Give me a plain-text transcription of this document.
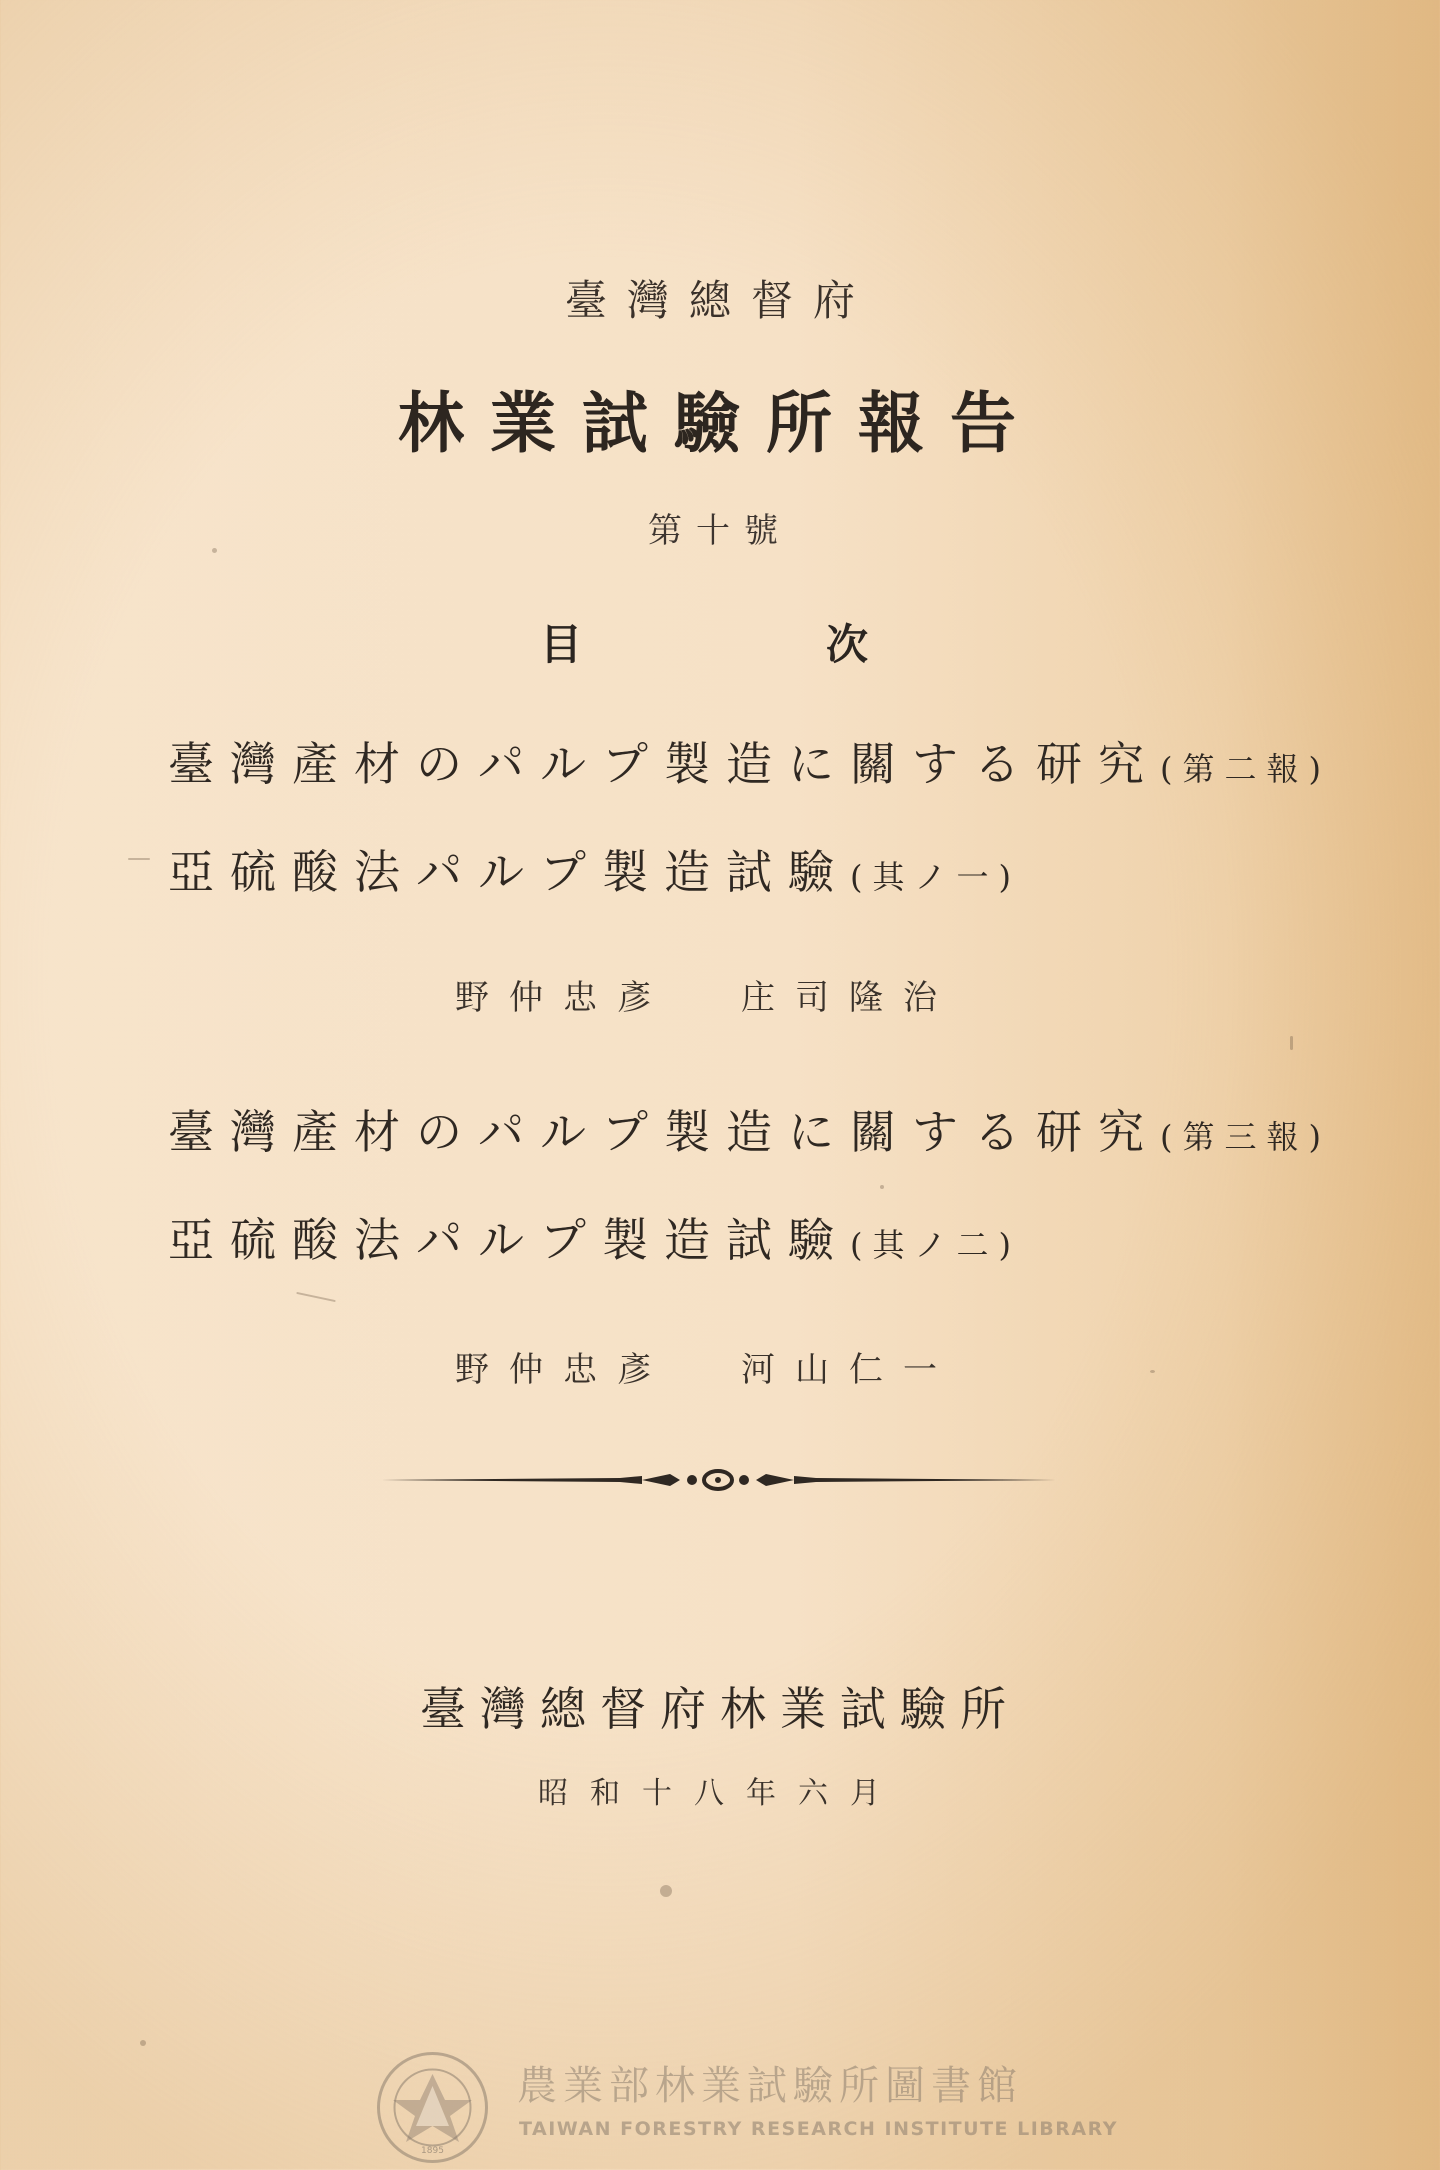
臺灣總督府
林業試驗所報告
第十號
目	次
臺灣產材のパルプ製造に關する研究(第二報)
亞硫酸法パルプ製造試驗(其ノ一)
野仲忠彥 庄司隆治
臺灣產材のパルプ製造に關する研究(第三報)
亞硫酸法パルプ製造試驗(其ノ二)
野仲忠彥 河山仁一
臺灣總督府林業試驗所
昭和十八年六月
1895
農業部林業試驗所圖書館
TAIWAN FORESTRY RESEARCH INSTITUTE LIBRARY
